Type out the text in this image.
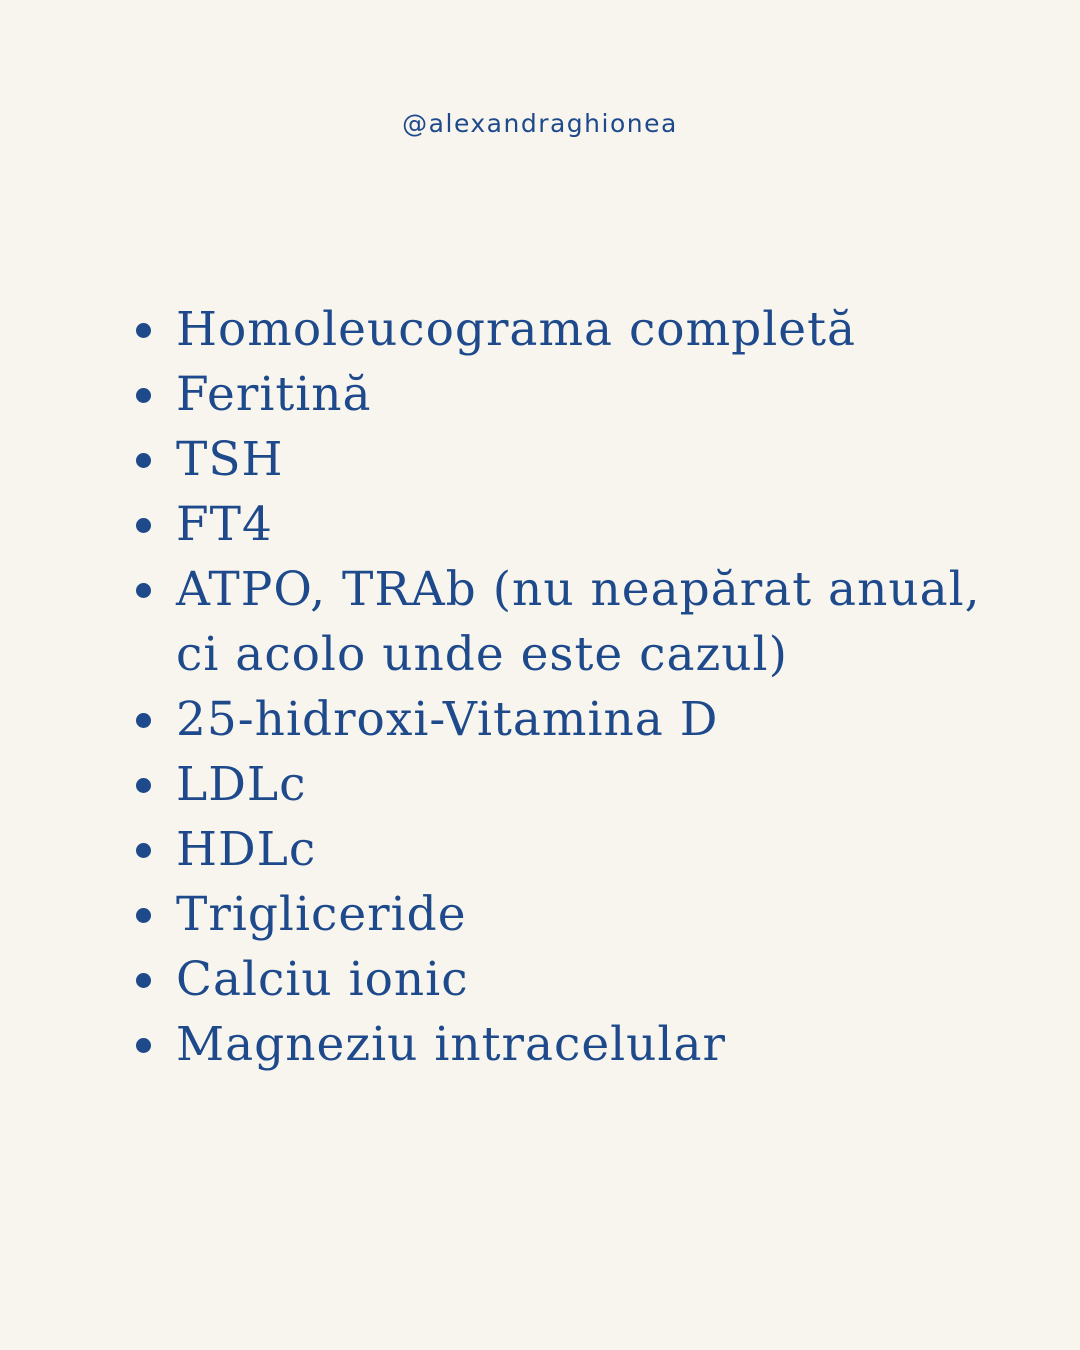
@alexandraghionea
Homoleucograma completă
Feritină
TSH
FT4
ATPO, TRAb (nu neapărat anual,
ci acolo unde este cazul)
25-hidroxi-Vitamina D
LDLc
HDLc
Trigliceride
Calciu ionic
Magneziu intracelular
